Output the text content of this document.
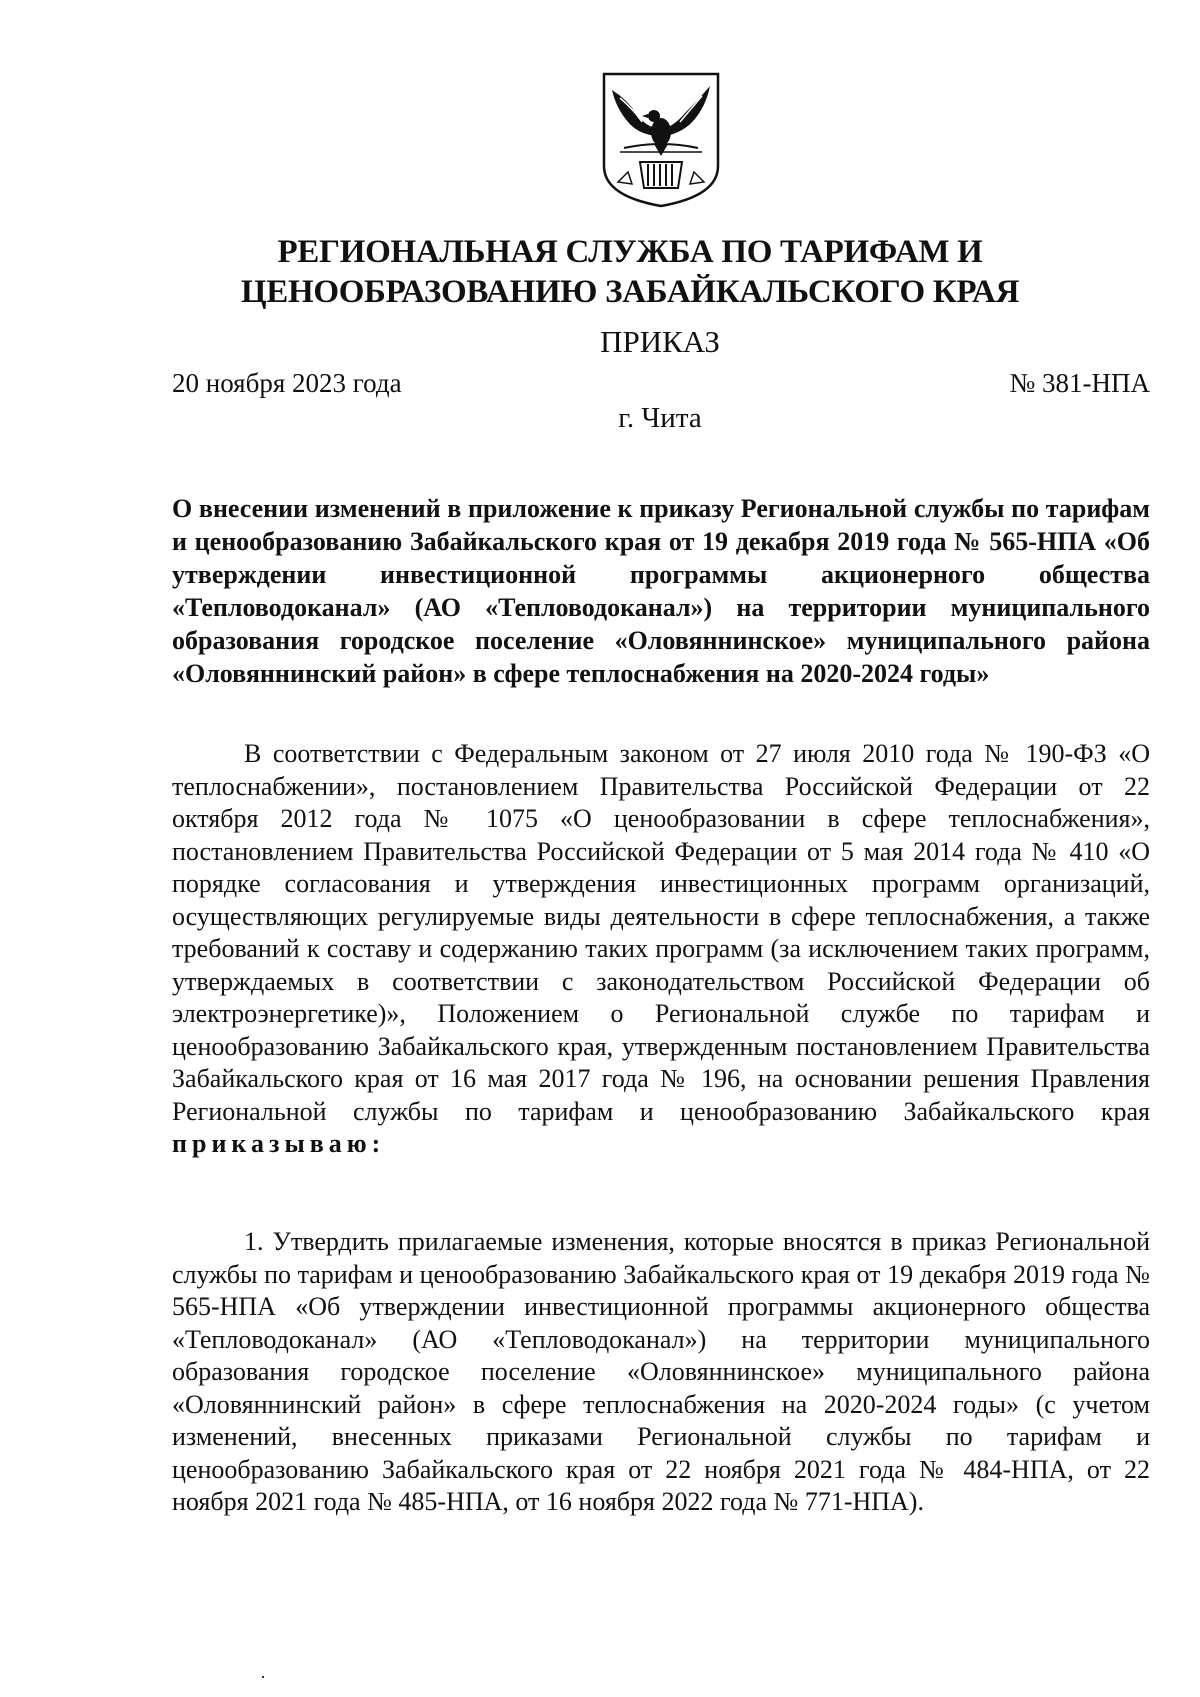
РЕГИОНАЛЬНАЯ СЛУЖБА ПО ТАРИФАМ И
ЦЕНООБРАЗОВАНИЮ ЗАБАЙКАЛЬСКОГО КРАЯ
ПРИКАЗ
20 ноября 2023 года	№ 381-НПА
г. Чита
О внесении изменений в приложение к приказу Региональной службы по тарифам и ценообразованию Забайкальского края от 19 декабря 2019 года № 565-НПА «Об утверждении инвестиционной программы акционерного общества «Тепловодоканал» (АО «Тепловодоканал») на территории муниципального образования городское поселение «Оловяннинское» муниципального района «Оловяннинский район» в сфере теплоснабжения на 2020-2024 годы»
В соответствии с Федеральным законом от 27 июля 2010 года № 190-ФЗ «О теплоснабжении», постановлением Правительства Российской Федерации от 22 октября 2012 года № 1075 «О ценообразовании в сфере теплоснабжения», постановлением Правительства Российской Федерации от 5 мая 2014 года № 410 «О порядке согласования и утверждения инвестиционных программ организаций, осуществляющих регулируемые виды деятельности в сфере теплоснабжения, а также требований к составу и содержанию таких программ (за исключением таких программ, утверждаемых в соответствии с законодательством Российской Федерации об электроэнергетике)», Положением о Региональной службе по тарифам и ценообразованию Забайкальского края, утвержденным постановлением Правительства Забайкальского края от 16 мая 2017 года № 196, на основании решения Правления Региональной службы по тарифам и ценообразованию Забайкальского края приказываю:
1. Утвердить прилагаемые изменения, которые вносятся в приказ Региональной службы по тарифам и ценообразованию Забайкальского края от 19 декабря 2019 года № 565-НПА «Об утверждении инвестиционной программы акционерного общества «Тепловодоканал» (АО «Тепловодоканал») на территории муниципального образования городское поселение «Оловяннинское» муниципального района «Оловяннинский район» в сфере теплоснабжения на 2020-2024 годы» (с учетом изменений, внесенных приказами Региональной службы по тарифам и ценообразованию Забайкальского края от 22 ноября 2021 года № 484-НПА, от 22 ноября 2021 года № 485-НПА, от 16 ноября 2022 года № 771-НПА).
